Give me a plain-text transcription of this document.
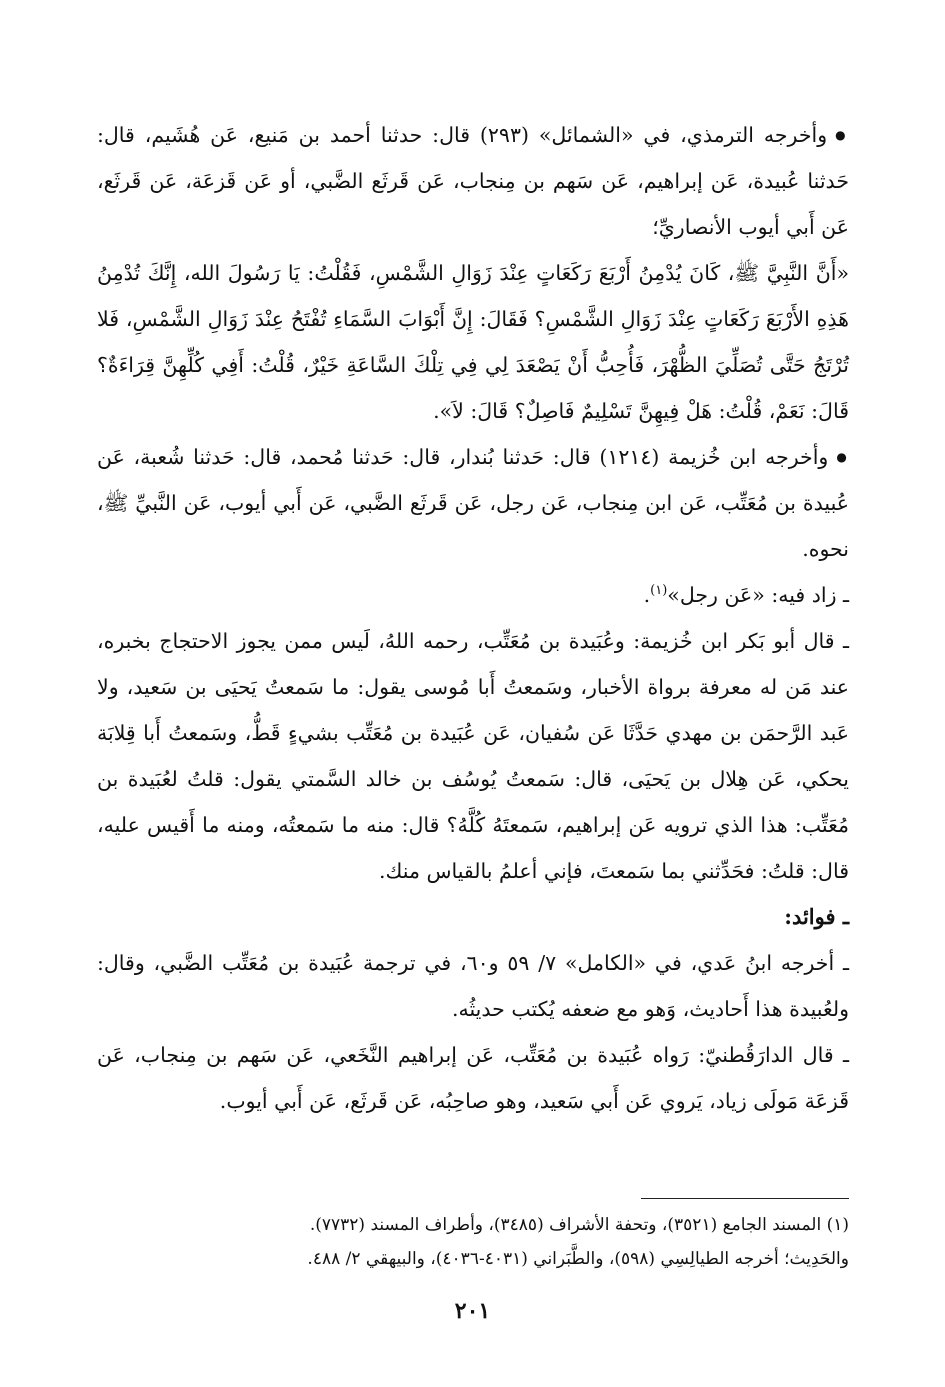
● وأخرجه الترمذي، في «الشمائل» (٢٩٣) قال: حدثنا أحمد بن مَنيع، عَن هُشَيم، قال: حَدثنا عُبيدة، عَن إبراهيم، عَن سَهم بن مِنجاب، عَن قَرثَع الضَّبي، أو عَن قَزعَة، عَن قَرثَع، عَن أَبي أيوب الأنصاريِّ؛

«أَنَّ النَّبِيَّ ﷺ، كَانَ يُدْمِنُ أَرْبَعَ رَكَعَاتٍ عِنْدَ زَوَالِ الشَّمْسِ، فَقُلْتُ: يَا رَسُولَ الله، إِنَّكَ تُدْمِنُ هَذِهِ الأَرْبَعَ رَكَعَاتٍ عِنْدَ زَوَالِ الشَّمْسِ؟ فَقَالَ: إِنَّ أَبْوَابَ السَّمَاءِ تُفْتَحُ عِنْدَ زَوَالِ الشَّمْسِ، فَلا تُرْتَجُ حَتَّى تُصَلِّيَ الظُّهْرَ، فَأُحِبُّ أَنْ يَصْعَدَ لِي فِي تِلْكَ السَّاعَةِ خَيْرٌ، قُلْتُ: أَفِي كُلِّهِنَّ قِرَاءَةٌ؟ قَالَ: نَعَمْ، قُلْتُ: هَلْ فِيهِنَّ تَسْلِيمٌ فَاصِلٌ؟ قَالَ: لاَ».

● وأخرجه ابن خُزيمة (١٢١٤) قال: حَدثنا بُندار، قال: حَدثنا مُحمد، قال: حَدثنا شُعبة، عَن عُبيدة بن مُعَتِّب، عَن ابن مِنجاب، عَن رجل، عَن قَرثَع الضَّبي، عَن أَبي أيوب، عَن النَّبيِّ ﷺ، نحوه.

ـ زاد فيه: «عَن رجل»$^{(١)}$.

ـ قال أبو بَكر ابن خُزيمة: وعُبَيدة بن مُعَتِّب، رحمه اللهُ، لَيس ممن يجوز الاحتجاج بخبره، عند مَن له معرفة برواة الأخبار، وسَمعتُ أَبا مُوسى يقول: ما سَمعتُ يَحيَى بن سَعيد، ولا عَبد الرَّحمَن بن مهدي حَدَّثَا عَن سُفيان، عَن عُبَيدة بن مُعَتِّب بشيءٍ قَطُّ، وسَمعتُ أَبا قِلابَة يحكي، عَن هِلال بن يَحيَى، قال: سَمعتُ يُوسُف بن خالد السَّمتي يقول: قلتُ لعُبَيدة بن مُعَتِّب: هذا الذي ترويه عَن إبراهيم، سَمعتَهُ كُلَّهُ؟ قال: منه ما سَمعتُه، ومنه ما أَقيس عليه، قال: قلتُ: فحَدِّثني بما سَمعتَ، فإني أعلمُ بالقياس منك.

ـ فوائد:

ـ أخرجه ابنُ عَدي، في «الكامل» ٧/ ٥٩ و٦٠، في ترجمة عُبَيدة بن مُعَتِّب الضَّبي، وقال: ولعُبيدة هذا أَحاديث، وَهو مع ضعفه يُكتب حديثُه.

ـ قال الدارَقُطنيّ: رَواه عُبَيدة بن مُعَتِّب، عَن إبراهيم النَّخَعي، عَن سَهم بن مِنجاب، عَن قَزعَة مَولَى زياد، يَروي عَن أَبي سَعيد، وهو صاحِبُه، عَن قَرثَع، عَن أَبي أيوب.

(١) المسند الجامع (٣٥٢١)، وتحفة الأشراف (٣٤٨٥)، وأطراف المسند (٧٧٣٢).

والحَدِيث؛ أخرجه الطيالِسِي (٥٩٨)، والطَّبَراني (٤٠٣١-٤٠٣٦)، والبيهقي ٢/ ٤٨٨.

٢٠١
